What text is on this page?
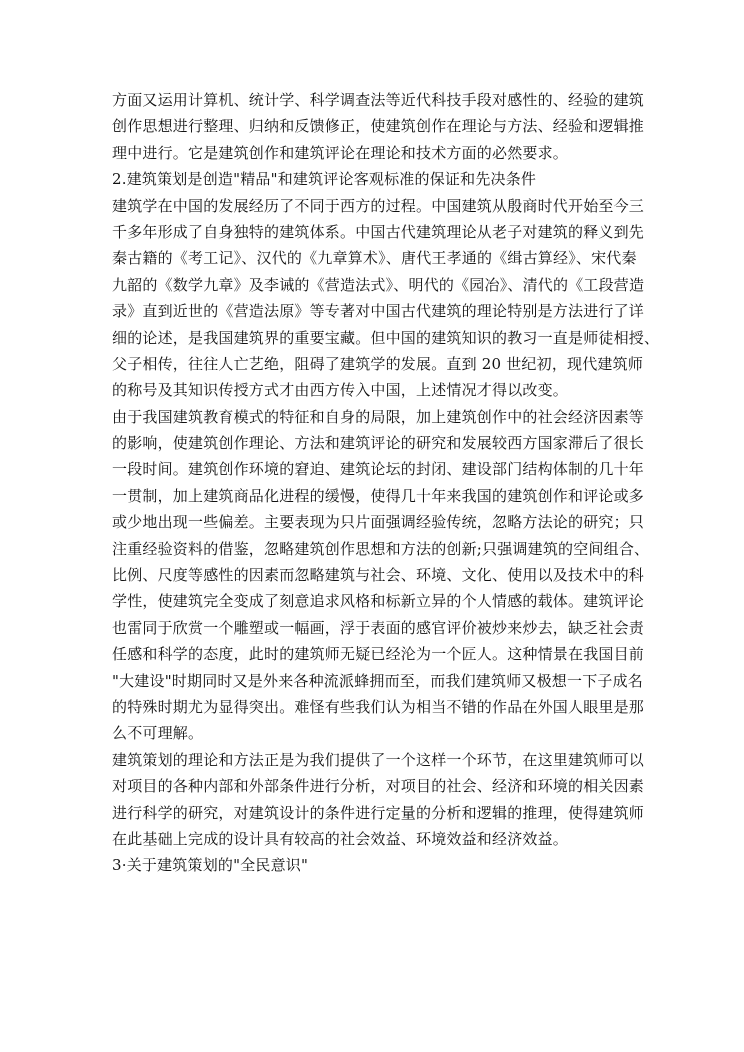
方面又运用计算机、统计学、科学调查法等近代科技手段对感性的、经验的建筑
创作思想进行整理、归纳和反馈修正，使建筑创作在理论与方法、经验和逻辑推
理中进行。它是建筑创作和建筑评论在理论和技术方面的必然要求。
2.建筑策划是创造"精品"和建筑评论客观标准的保证和先决条件
建筑学在中国的发展经历了不同于西方的过程。中国建筑从殷商时代开始至今三
千多年形成了自身独特的建筑体系。中国古代建筑理论从老子对建筑的释义到先
秦古籍的《考工记》、汉代的《九章算术》、唐代王孝通的《缉古算经》、宋代秦
九韶的《数学九章》及李诫的《营造法式》、明代的《园冶》、清代的《工段营造
录》直到近世的《营造法原》等专著对中国古代建筑的理论特别是方法进行了详
细的论述，是我国建筑界的重要宝藏。但中国的建筑知识的教习一直是师徒相授、
父子相传，往往人亡艺绝，阻碍了建筑学的发展。直到 20 世纪初，现代建筑师
的称号及其知识传授方式才由西方传入中国，上述情况才得以改变。
由于我国建筑教育模式的特征和自身的局限，加上建筑创作中的社会经济因素等
的影响，使建筑创作理论、方法和建筑评论的研究和发展较西方国家滞后了很长
一段时间。建筑创作环境的窘迫、建筑论坛的封闭、建设部门结构体制的几十年
一贯制，加上建筑商品化进程的缓慢，使得几十年来我国的建筑创作和评论或多
或少地出现一些偏差。主要表现为只片面强调经验传统，忽略方法论的研究；只
注重经验资料的借鉴，忽略建筑创作思想和方法的创新;只强调建筑的空间组合、
比例、尺度等感性的因素而忽略建筑与社会、环境、文化、使用以及技术中的科
学性，使建筑完全变成了刻意追求风格和标新立异的个人情感的载体。建筑评论
也雷同于欣赏一个雕塑或一幅画，浮于表面的感官评价被炒来炒去，缺乏社会责
任感和科学的态度，此时的建筑师无疑已经沦为一个匠人。这种情景在我国目前
"大建设"时期同时又是外来各种流派蜂拥而至，而我们建筑师又极想一下子成名
的特殊时期尤为显得突出。难怪有些我们认为相当不错的作品在外国人眼里是那
么不可理解。
建筑策划的理论和方法正是为我们提供了一个这样一个环节，在这里建筑师可以
对项目的各种内部和外部条件进行分析，对项目的社会、经济和环境的相关因素
进行科学的研究，对建筑设计的条件进行定量的分析和逻辑的推理，使得建筑师
在此基础上完成的设计具有较高的社会效益、环境效益和经济效益。
3·关于建筑策划的"全民意识"
